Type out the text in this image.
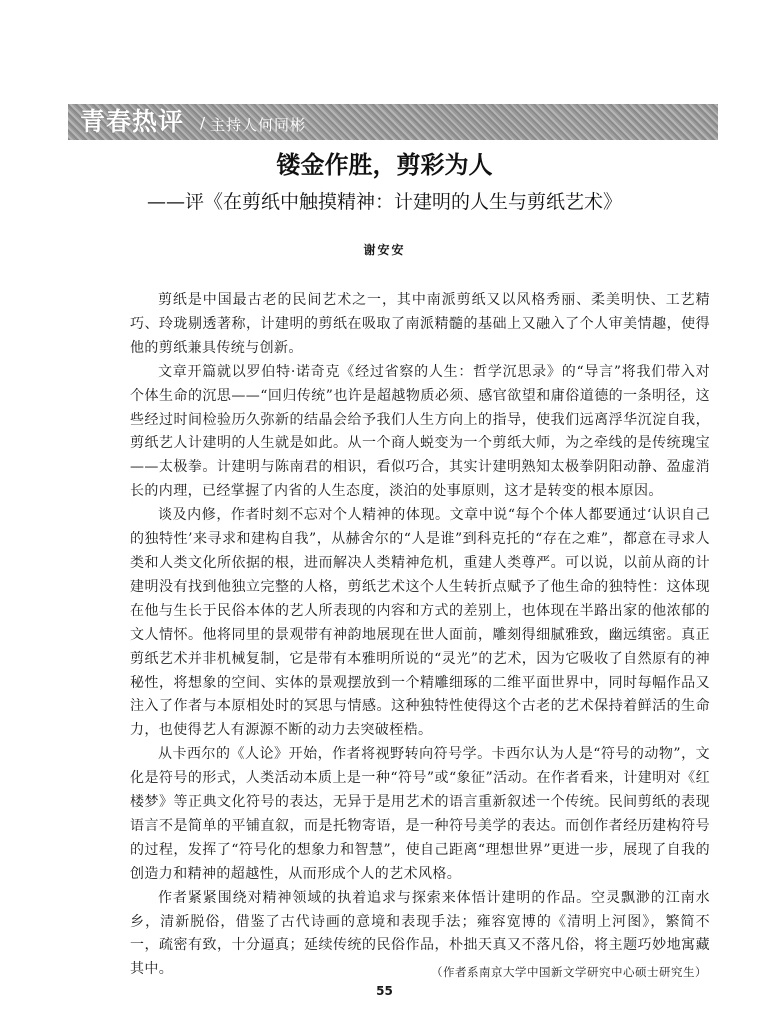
青春热评 / 主持人何同彬
镂金作胜，剪彩为人
——评《在剪纸中触摸精神：计建明的人生与剪纸艺术》
谢安安

剪纸是中国最古老的民间艺术之一，其中南派剪纸又以风格秀丽、柔美明快、工艺精巧、玲珑剔透著称，计建明的剪纸在吸取了南派精髓的基础上又融入了个人审美情趣，使得他的剪纸兼具传统与创新。

文章开篇就以罗伯特·诺奇克《经过省察的人生：哲学沉思录》的“导言”将我们带入对个体生命的沉思——“回归传统”也许是超越物质必须、感官欲望和庸俗道德的一条明径，这些经过时间检验历久弥新的结晶会给予我们人生方向上的指导，使我们远离浮华沉淀自我，剪纸艺人计建明的人生就是如此。从一个商人蜕变为一个剪纸大师，为之牵线的是传统瑰宝——太极拳。计建明与陈南君的相识，看似巧合，其实计建明熟知太极拳阴阳动静、盈虚消长的内理，已经掌握了内省的人生态度，淡泊的处事原则，这才是转变的根本原因。

谈及内修，作者时刻不忘对个人精神的体现。文章中说“每个个体人都要通过‘认识自己的独特性’来寻求和建构自我”，从赫舍尔的“人是谁”到科克托的“存在之难”，都意在寻求人类和人类文化所依据的根，进而解决人类精神危机，重建人类尊严。可以说，以前从商的计建明没有找到他独立完整的人格，剪纸艺术这个人生转折点赋予了他生命的独特性：这体现在他与生长于民俗本体的艺人所表现的内容和方式的差别上，也体现在半路出家的他浓郁的文人情怀。他将同里的景观带有神韵地展现在世人面前，雕刻得细腻雅致，幽远缜密。真正剪纸艺术并非机械复制，它是带有本雅明所说的“灵光”的艺术，因为它吸收了自然原有的神秘性，将想象的空间、实体的景观摆放到一个精雕细琢的二维平面世界中，同时每幅作品又注入了作者与本原相处时的冥思与情感。这种独特性使得这个古老的艺术保持着鲜活的生命力，也使得艺人有源源不断的动力去突破桎梏。

从卡西尔的《人论》开始，作者将视野转向符号学。卡西尔认为人是“符号的动物”，文化是符号的形式，人类活动本质上是一种“符号”或“象征”活动。在作者看来，计建明对《红楼梦》等正典文化符号的表达，无异于是用艺术的语言重新叙述一个传统。民间剪纸的表现语言不是简单的平铺直叙，而是托物寄语，是一种符号美学的表达。而创作者经历建构符号的过程，发挥了“符号化的想象力和智慧”，使自己距离“理想世界”更进一步，展现了自我的创造力和精神的超越性，从而形成个人的艺术风格。

作者紧紧围绕对精神领域的执着追求与探索来体悟计建明的作品。空灵飘渺的江南水乡，清新脱俗，借鉴了古代诗画的意境和表现手法；雍容宽博的《清明上河图》，繁简不一，疏密有致，十分逼真；延续传统的民俗作品，朴拙天真又不落凡俗，将主题巧妙地寓藏其中。	（作者系南京大学中国新文学研究中心硕士研究生）
55
